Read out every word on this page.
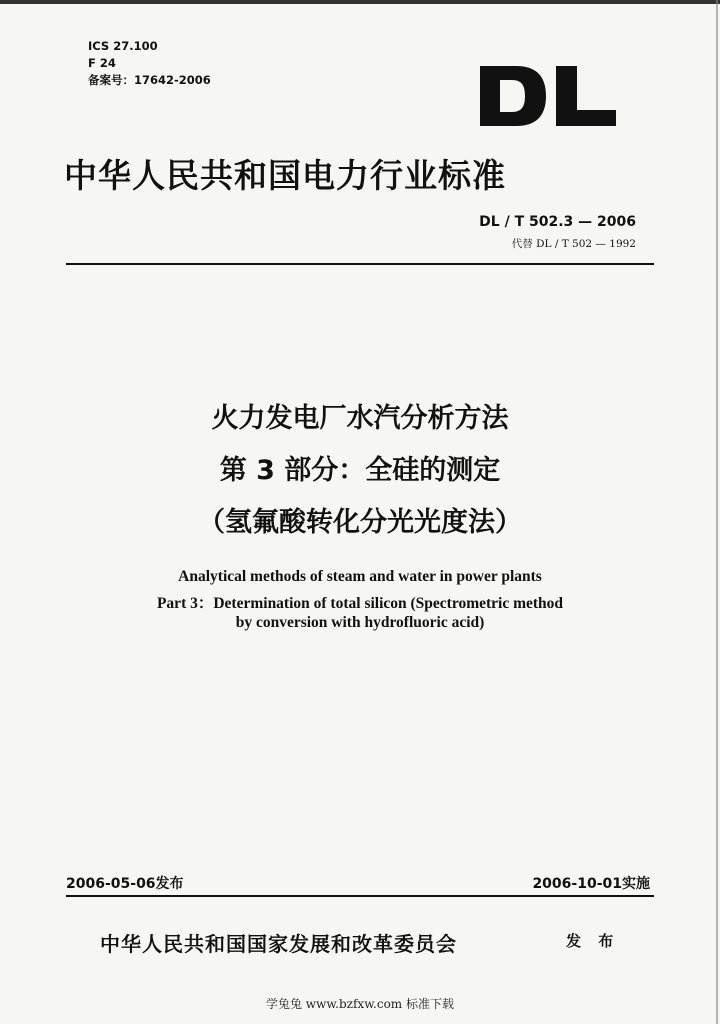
ICS 27.100
F 24
备案号：17642-2006
DL
中华人民共和国电力行业标准
DL / T 502.3 — 2006
代替 DL / T 502 — 1992
火力发电厂水汽分析方法
第 3 部分：全硅的测定
（氢氟酸转化分光光度法）
Analytical methods of steam and water in power plants
Part 3：Determination of total silicon (Spectrometric method
by conversion with hydrofluoric acid)
2006-05-06发布	2006-10-01实施
中华人民共和国国家发展和改革委员会	发 布
学兔兔 www.bzfxw.com 标准下载
